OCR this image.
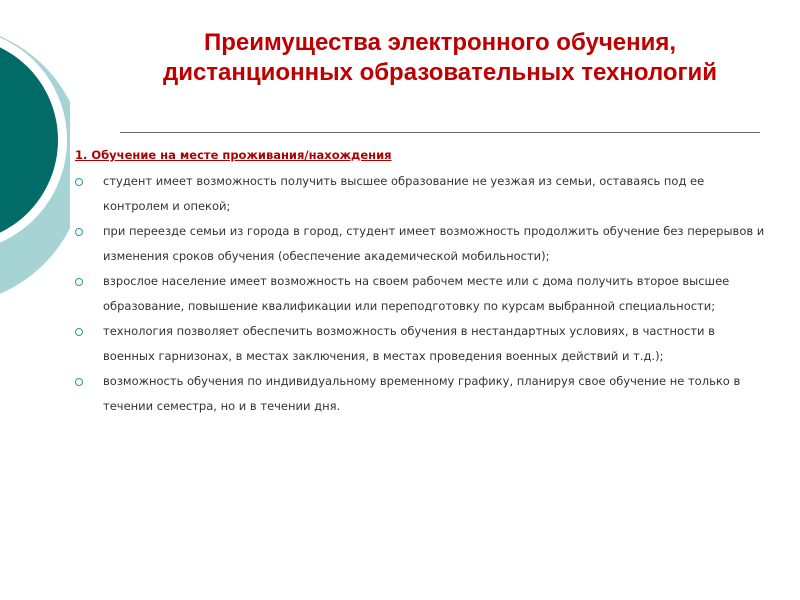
Преимущества электронного обучения,
дистанционных образовательных технологий
1. Обучение на месте проживания/нахождения
студент имеет возможность получить высшее образование не уезжая из семьи, оставаясь под ее контролем и опекой;
при переезде семьи из города в город, студент имеет возможность продолжить обучение без перерывов и изменения сроков обучения (обеспечение академической мобильности);
взрослое население имеет возможность на своем рабочем месте или с дома получить второе высшее образование, повышение квалификации или переподготовку по курсам выбранной специальности;
технология позволяет обеспечить возможность обучения в нестандартных условиях, в частности в военных гарнизонах, в местах заключения, в местах проведения военных действий и т.д.);
возможность обучения по индивидуальному временному графику, планируя свое обучение не только в течении семестра, но и в течении дня.
